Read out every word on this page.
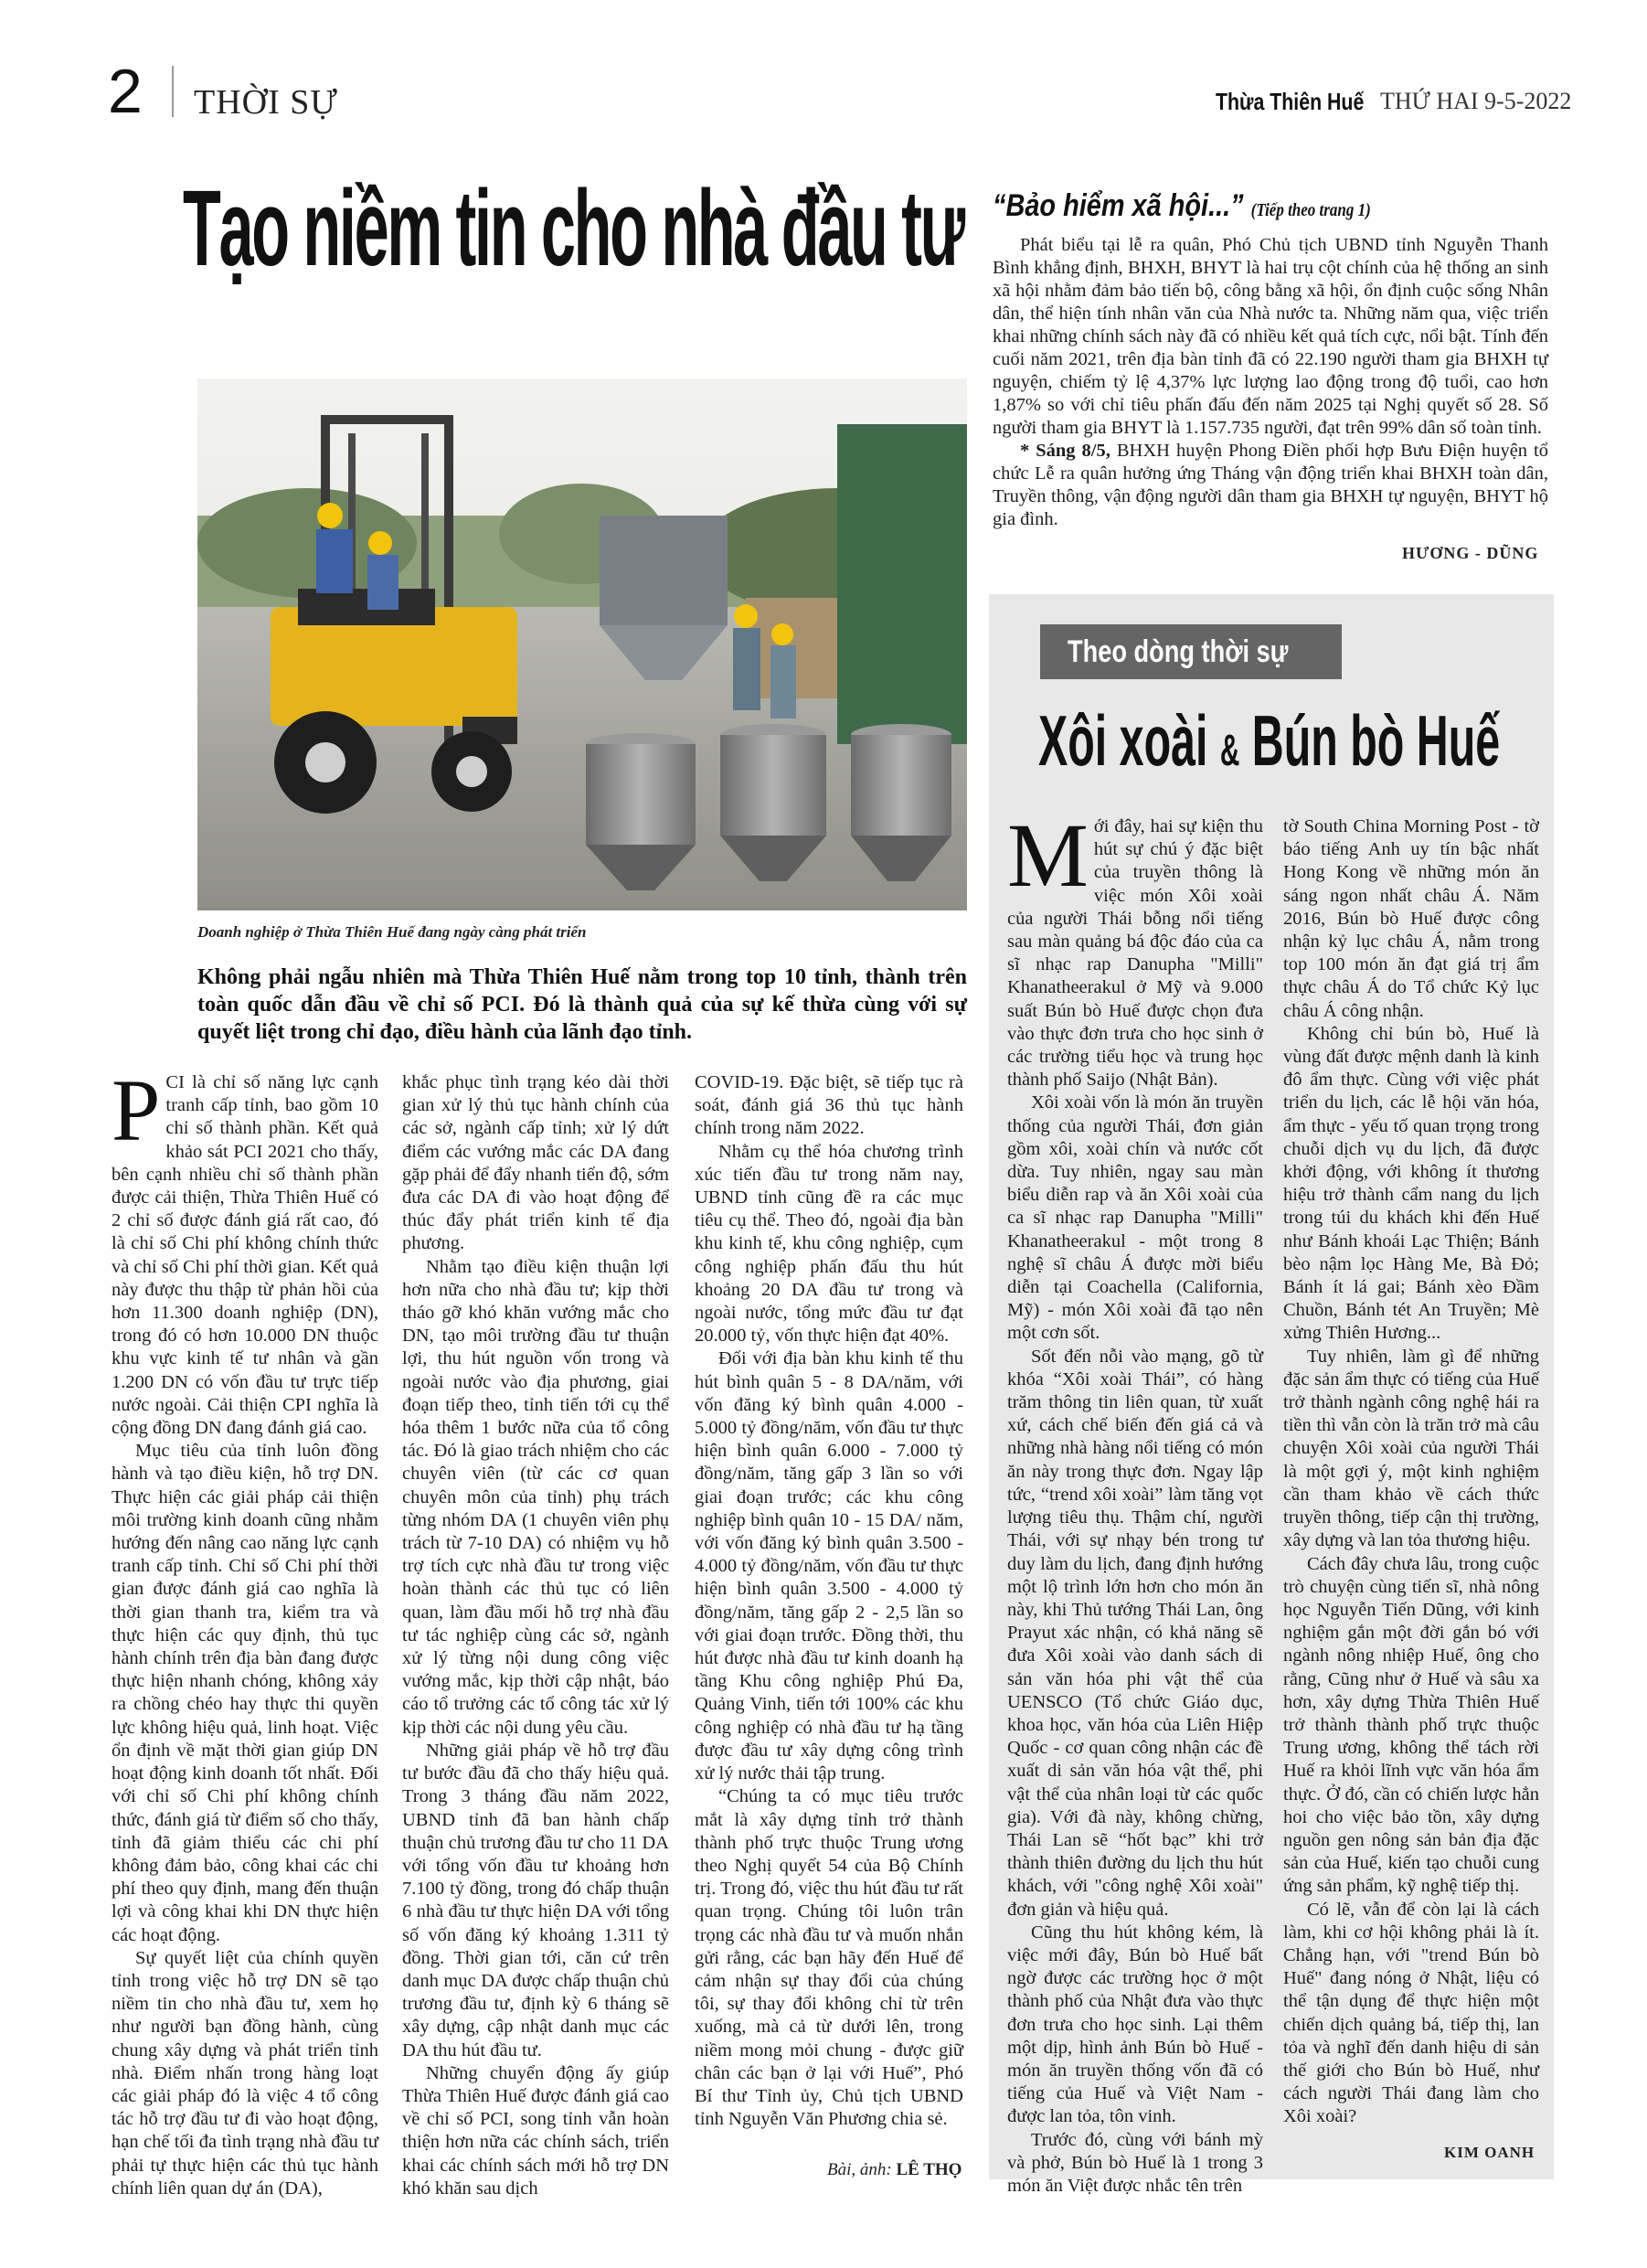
2 THỜI SỰ	Thừa Thiên Huế THỨ HAI 9-5-2022
Tạo niềm tin cho nhà đầu tư
Doanh nghiệp ở Thừa Thiên Huế đang ngày càng phát triển
Không phải ngẫu nhiên mà Thừa Thiên Huế nằm trong top 10 tỉnh, thành trên toàn quốc dẫn đầu về chỉ số PCI. Đó là thành quả của sự kế thừa cùng với sự quyết liệt trong chỉ đạo, điều hành của lãnh đạo tỉnh.
P CI là chỉ số năng lực cạnh tranh cấp tỉnh, bao gồm 10 chỉ số thành phần. Kết quả khảo sát PCI 2021 cho thấy, bên cạnh nhiều chỉ số thành phần được cải thiện, Thừa Thiên Huế có 2 chỉ số được đánh giá rất cao, đó là chỉ số Chi phí không chính thức và chỉ số Chi phí thời gian. Kết quả này được thu thập từ phản hồi của hơn 11.300 doanh nghiệp (DN), trong đó có hơn 10.000 DN thuộc khu vực kinh tế tư nhân và gần 1.200 DN có vốn đầu tư trực tiếp nước ngoài. Cải thiện CPI nghĩa là cộng đồng DN đang đánh giá cao.

Mục tiêu của tỉnh luôn đồng hành và tạo điều kiện, hỗ trợ DN. Thực hiện các giải pháp cải thiện môi trường kinh doanh cũng nhằm hướng đến nâng cao năng lực cạnh tranh cấp tỉnh. Chỉ số Chi phí thời gian được đánh giá cao nghĩa là thời gian thanh tra, kiểm tra và thực hiện các quy định, thủ tục hành chính trên địa bàn đang được thực hiện nhanh chóng, không xảy ra chồng chéo hay thực thi quyền lực không hiệu quả, linh hoạt. Việc ổn định về mặt thời gian giúp DN hoạt động kinh doanh tốt nhất. Đối với chỉ số Chi phí không chính thức, đánh giá từ điểm số cho thấy, tỉnh đã giảm thiểu các chi phí không đảm bảo, công khai các chi phí theo quy định, mang đến thuận lợi và công khai khi DN thực hiện các hoạt động.

Sự quyết liệt của chính quyền tỉnh trong việc hỗ trợ DN sẽ tạo niềm tin cho nhà đầu tư, xem họ như người bạn đồng hành, cùng chung xây dựng và phát triển tỉnh nhà. Điểm nhấn trong hàng loạt các giải pháp đó là việc 4 tổ công tác hỗ trợ đầu tư đi vào hoạt động, hạn chế tối đa tình trạng nhà đầu tư phải tự thực hiện các thủ tục hành chính liên quan dự án (DA),

khắc phục tình trạng kéo dài thời gian xử lý thủ tục hành chính của các sở, ngành cấp tỉnh; xử lý dứt điểm các vướng mắc các DA đang gặp phải để đẩy nhanh tiến độ, sớm đưa các DA đi vào hoạt động để thúc đẩy phát triển kinh tế địa phương.

Nhằm tạo điều kiện thuận lợi hơn nữa cho nhà đầu tư; kịp thời tháo gỡ khó khăn vướng mắc cho DN, tạo môi trường đầu tư thuận lợi, thu hút nguồn vốn trong và ngoài nước vào địa phương, giai đoạn tiếp theo, tỉnh tiến tới cụ thể hóa thêm 1 bước nữa của tổ công tác. Đó là giao trách nhiệm cho các chuyên viên (từ các cơ quan chuyên môn của tỉnh) phụ trách từng nhóm DA (1 chuyên viên phụ trách từ 7-10 DA) có nhiệm vụ hỗ trợ tích cực nhà đầu tư trong việc hoàn thành các thủ tục có liên quan, làm đầu mối hỗ trợ nhà đầu tư tác nghiệp cùng các sở, ngành xử lý từng nội dung công việc vướng mắc, kịp thời cập nhật, báo cáo tổ trưởng các tổ công tác xử lý kịp thời các nội dung yêu cầu.

Những giải pháp về hỗ trợ đầu tư bước đầu đã cho thấy hiệu quả. Trong 3 tháng đầu năm 2022, UBND tỉnh đã ban hành chấp thuận chủ trương đầu tư cho 11 DA với tổng vốn đầu tư khoảng hơn 7.100 tỷ đồng, trong đó chấp thuận 6 nhà đầu tư thực hiện DA với tổng số vốn đăng ký khoảng 1.311 tỷ đồng. Thời gian tới, căn cứ trên danh mục DA được chấp thuận chủ trương đầu tư, định kỳ 6 tháng sẽ xây dựng, cập nhật danh mục các DA thu hút đầu tư.

Những chuyển động ấy giúp Thừa Thiên Huế được đánh giá cao về chỉ số PCI, song tỉnh vẫn hoàn thiện hơn nữa các chính sách, triển khai các chính sách mới hỗ trợ DN khó khăn sau dịch

COVID-19. Đặc biệt, sẽ tiếp tục rà soát, đánh giá 36 thủ tục hành chính trong năm 2022.

Nhằm cụ thể hóa chương trình xúc tiến đầu tư trong năm nay, UBND tỉnh cũng đề ra các mục tiêu cụ thể. Theo đó, ngoài địa bàn khu kinh tế, khu công nghiệp, cụm công nghiệp phấn đấu thu hút khoảng 20 DA đầu tư trong và ngoài nước, tổng mức đầu tư đạt 20.000 tỷ, vốn thực hiện đạt 40%.

Đối với địa bàn khu kinh tế thu hút bình quân 5 - 8 DA/năm, với vốn đăng ký bình quân 4.000 - 5.000 tỷ đồng/năm, vốn đầu tư thực hiện bình quân 6.000 - 7.000 tỷ đồng/năm, tăng gấp 3 lần so với giai đoạn trước; các khu công nghiệp bình quân 10 - 15 DA/ năm, với vốn đăng ký bình quân 3.500 - 4.000 tỷ đồng/năm, vốn đầu tư thực hiện bình quân 3.500 - 4.000 tỷ đồng/năm, tăng gấp 2 - 2,5 lần so với giai đoạn trước. Đồng thời, thu hút được nhà đầu tư kinh doanh hạ tầng Khu công nghiệp Phú Đa, Quảng Vinh, tiến tới 100% các khu công nghiệp có nhà đầu tư hạ tầng được đầu tư xây dựng công trình xử lý nước thải tập trung.

“Chúng ta có mục tiêu trước mắt là xây dựng tỉnh trở thành thành phố trực thuộc Trung ương theo Nghị quyết 54 của Bộ Chính trị. Trong đó, việc thu hút đầu tư rất quan trọng. Chúng tôi luôn trân trọng các nhà đầu tư và muốn nhắn gửi rằng, các bạn hãy đến Huế để cảm nhận sự thay đổi của chúng tôi, sự thay đổi không chỉ từ trên xuống, mà cả từ dưới lên, trong niềm mong mỏi chung - được giữ chân các bạn ở lại với Huế”, Phó Bí thư Tỉnh ủy, Chủ tịch UBND tỉnh Nguyễn Văn Phương chia sẻ.

Bài, ảnh: LÊ THỌ
“Bảo hiểm xã hội...” (Tiếp theo trang 1)

Phát biểu tại lễ ra quân, Phó Chủ tịch UBND tỉnh Nguyễn Thanh Bình khẳng định, BHXH, BHYT là hai trụ cột chính của hệ thống an sinh xã hội nhằm đảm bảo tiến bộ, công bằng xã hội, ổn định cuộc sống Nhân dân, thể hiện tính nhân văn của Nhà nước ta. Những năm qua, việc triển khai những chính sách này đã có nhiều kết quả tích cực, nổi bật. Tính đến cuối năm 2021, trên địa bàn tỉnh đã có 22.190 người tham gia BHXH tự nguyện, chiếm tỷ lệ 4,37% lực lượng lao động trong độ tuổi, cao hơn 1,87% so với chỉ tiêu phấn đấu đến năm 2025 tại Nghị quyết số 28. Số người tham gia BHYT là 1.157.735 người, đạt trên 99% dân số toàn tỉnh.

* Sáng 8/5, BHXH huyện Phong Điền phối hợp Bưu Điện huyện tổ chức Lễ ra quân hưởng ứng Tháng vận động triển khai BHXH toàn dân, Truyền thông, vận động người dân tham gia BHXH tự nguyện, BHYT hộ gia đình.

HƯƠNG - DŨNG
Theo dòng thời sự
Xôi xoài & Bún bò Huế
M ới đây, hai sự kiện thu hút sự chú ý đặc biệt của truyền thông là việc món Xôi xoài của người Thái bỗng nổi tiếng sau màn quảng bá độc đáo của ca sĩ nhạc rap Danupha "Milli" Khanatheerakul ở Mỹ và 9.000 suất Bún bò Huế được chọn đưa vào thực đơn trưa cho học sinh ở các trường tiểu học và trung học thành phố Saijo (Nhật Bản).

Xôi xoài vốn là món ăn truyền thống của người Thái, đơn giản gồm xôi, xoài chín và nước cốt dừa. Tuy nhiên, ngay sau màn biểu diễn rap và ăn Xôi xoài của ca sĩ nhạc rap Danupha "Milli" Khanatheerakul - một trong 8 nghệ sĩ châu Á được mời biểu diễn tại Coachella (California, Mỹ) - món Xôi xoài đã tạo nên một cơn sốt.

Sốt đến nỗi vào mạng, gõ từ khóa “Xôi xoài Thái”, có hàng trăm thông tin liên quan, từ xuất xứ, cách chế biến đến giá cả và những nhà hàng nổi tiếng có món ăn này trong thực đơn. Ngay lập tức, “trend xôi xoài” làm tăng vọt lượng tiêu thụ. Thậm chí, người Thái, với sự nhạy bén trong tư duy làm du lịch, đang định hướng một lộ trình lớn hơn cho món ăn này, khi Thủ tướng Thái Lan, ông Prayut xác nhận, có khả năng sẽ đưa Xôi xoài vào danh sách di sản văn hóa phi vật thể của UENSCO (Tổ chức Giáo dục, khoa học, văn hóa của Liên Hiệp Quốc - cơ quan công nhận các đề xuất di sản văn hóa vật thể, phi vật thể của nhân loại từ các quốc gia). Với đà này, không chừng, Thái Lan sẽ “hốt bạc” khi trở thành thiên đường du lịch thu hút khách, với "công nghệ Xôi xoài" đơn giản và hiệu quả.

Cũng thu hút không kém, là việc mới đây, Bún bò Huế bất ngờ được các trường học ở một thành phố của Nhật đưa vào thực đơn trưa cho học sinh. Lại thêm một dịp, hình ảnh Bún bò Huế - món ăn truyền thống vốn đã có tiếng của Huế và Việt Nam - được lan tỏa, tôn vinh.

Trước đó, cùng với bánh mỳ và phở, Bún bò Huế là 1 trong 3 món ăn Việt được nhắc tên trên

tờ South China Morning Post - tờ báo tiếng Anh uy tín bậc nhất Hong Kong về những món ăn sáng ngon nhất châu Á. Năm 2016, Bún bò Huế được công nhận kỷ lục châu Á, nằm trong top 100 món ăn đạt giá trị ẩm thực châu Á do Tổ chức Kỷ lục châu Á công nhận.

Không chỉ bún bò, Huế là vùng đất được mệnh danh là kinh đô ẩm thực. Cùng với việc phát triển du lịch, các lễ hội văn hóa, ẩm thực - yếu tố quan trọng trong chuỗi dịch vụ du lịch, đã được khởi động, với không ít thương hiệu trở thành cẩm nang du lịch trong túi du khách khi đến Huế như Bánh khoái Lạc Thiện; Bánh bèo nậm lọc Hàng Me, Bà Đỏ; Bánh ít lá gai; Bánh xèo Đầm Chuồn, Bánh tét An Truyền; Mè xửng Thiên Hương...

Tuy nhiên, làm gì để những đặc sản ẩm thực có tiếng của Huế trở thành ngành công nghệ hái ra tiền thì vẫn còn là trăn trở mà câu chuyện Xôi xoài của người Thái là một gợi ý, một kinh nghiệm cần tham khảo về cách thức truyền thông, tiếp cận thị trường, xây dựng và lan tỏa thương hiệu.

Cách đây chưa lâu, trong cuộc trò chuyện cùng tiến sĩ, nhà nông học Nguyễn Tiến Dũng, với kinh nghiệm gắn một đời gắn bó với ngành nông nhiệp Huế, ông cho rằng, Cũng như ở Huế và sâu xa hơn, xây dựng Thừa Thiên Huế trở thành thành phố trực thuộc Trung ương, không thể tách rời Huế ra khỏi lĩnh vực văn hóa ẩm thực. Ở đó, cần có chiến lược hẳn hoi cho việc bảo tồn, xây dựng nguồn gen nông sản bản địa đặc sản của Huế, kiến tạo chuỗi cung ứng sản phẩm, kỹ nghệ tiếp thị.

Có lẽ, vẫn để còn lại là cách làm, khi cơ hội không phải là ít. Chẳng hạn, với "trend Bún bò Huế" đang nóng ở Nhật, liệu có thể tận dụng để thực hiện một chiến dịch quảng bá, tiếp thị, lan tỏa và nghĩ đến danh hiệu di sản thế giới cho Bún bò Huế, như cách người Thái đang làm cho Xôi xoài?

KIM OANH
